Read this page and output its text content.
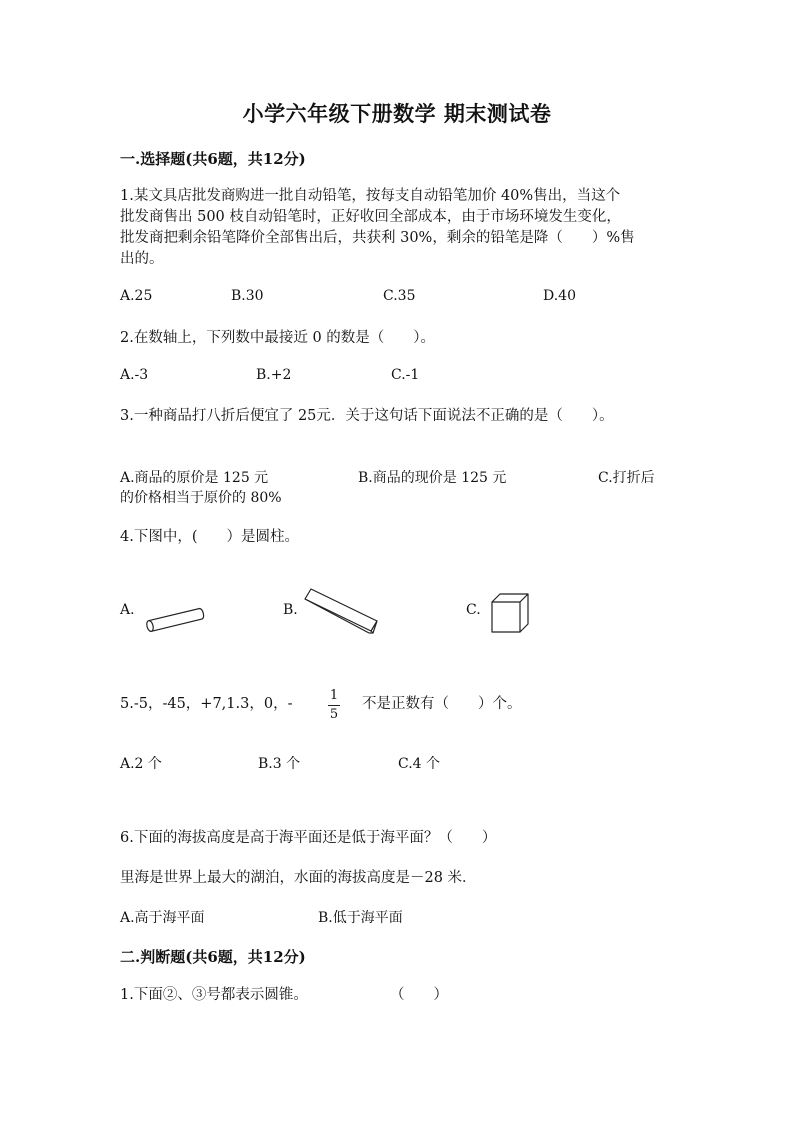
小学六年级下册数学 期末测试卷
一.选择题(共6题，共12分)
1.某文具店批发商购进一批自动铅笔，按每支自动铅笔加价 40%售出，当这个
批发商售出 500 枝自动铅笔时，正好收回全部成本，由于市场环境发生变化，
批发商把剩余铅笔降价全部售出后，共获利 30%，剩余的铅笔是降（　　）%售
出的。
A.25	B.30	C.35	D.40
2.在数轴上，下列数中最接近 0 的数是（　　）。
A.-3	B.+2	C.-1
3.一种商品打八折后便宜了 25元．关于这句话下面说法不正确的是（　　）。
A.商品的原价是 125 元	B.商品的现价是 125 元	C.打折后
的价格相当于原价的 80%
4.下图中，(　　）是圆柱。
A.	B.	C.
5.-5，-45，+7,1.3，0，-
1
5
不是正数有（　　）个。
A.2 个	B.3 个	C.4 个
6.下面的海拔高度是高于海平面还是低于海平面？（　　）
里海是世界上最大的湖泊，水面的海拔高度是－28 米．
A.高于海平面	B.低于海平面
二.判断题(共6题，共12分)
1.下面②、③号都表示圆锥。	（　　）
